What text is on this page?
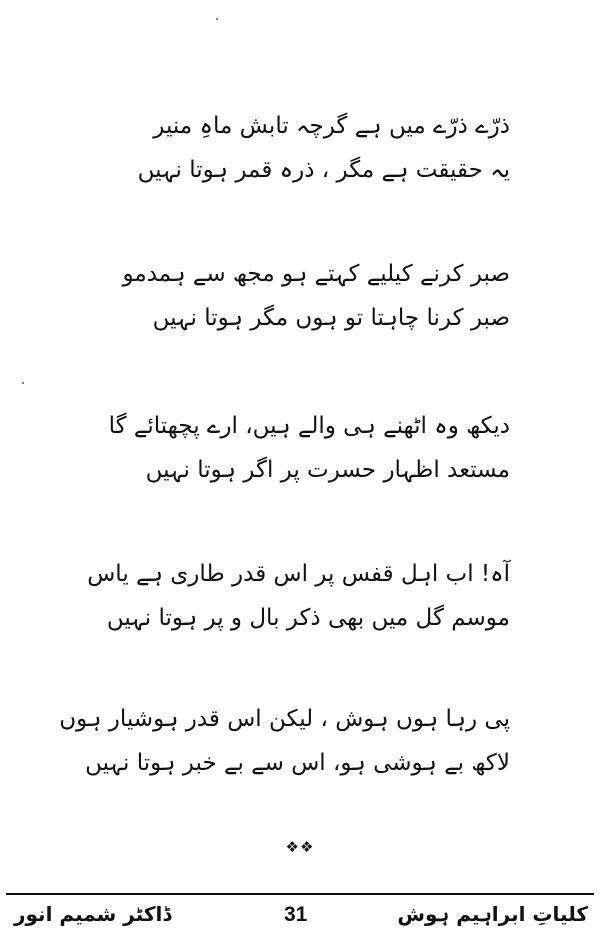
ذرّے ذرّے میں ہے گرچہ تابش ماہِ منیر
یہ حقیقت ہے مگر ، ذرہ قمر ہوتا نہیں
صبر کرنے کیلیے کہتے ہو مجھ سے ہمدمو
صبر کرنا چاہتا تو ہوں مگر ہوتا نہیں
دیکھ وہ اٹھنے ہی والے ہیں، ارے پچھتائے گا
مستعد اظہار حسرت پر اگر ہوتا نہیں
آہ! اب اہل قفس پر اس قدر طاری ہے یاس
موسم گل میں بھی ذکر بال و پر ہوتا نہیں
پی رہا ہوں ہوش ، لیکن اس قدر ہوشیار ہوں
لاکھ بے ہوشی ہو، اس سے بے خبر ہوتا نہیں
❖❖
ڈاکٹر شمیم انور	31	کلیاتِ ابراہیم ہوش
